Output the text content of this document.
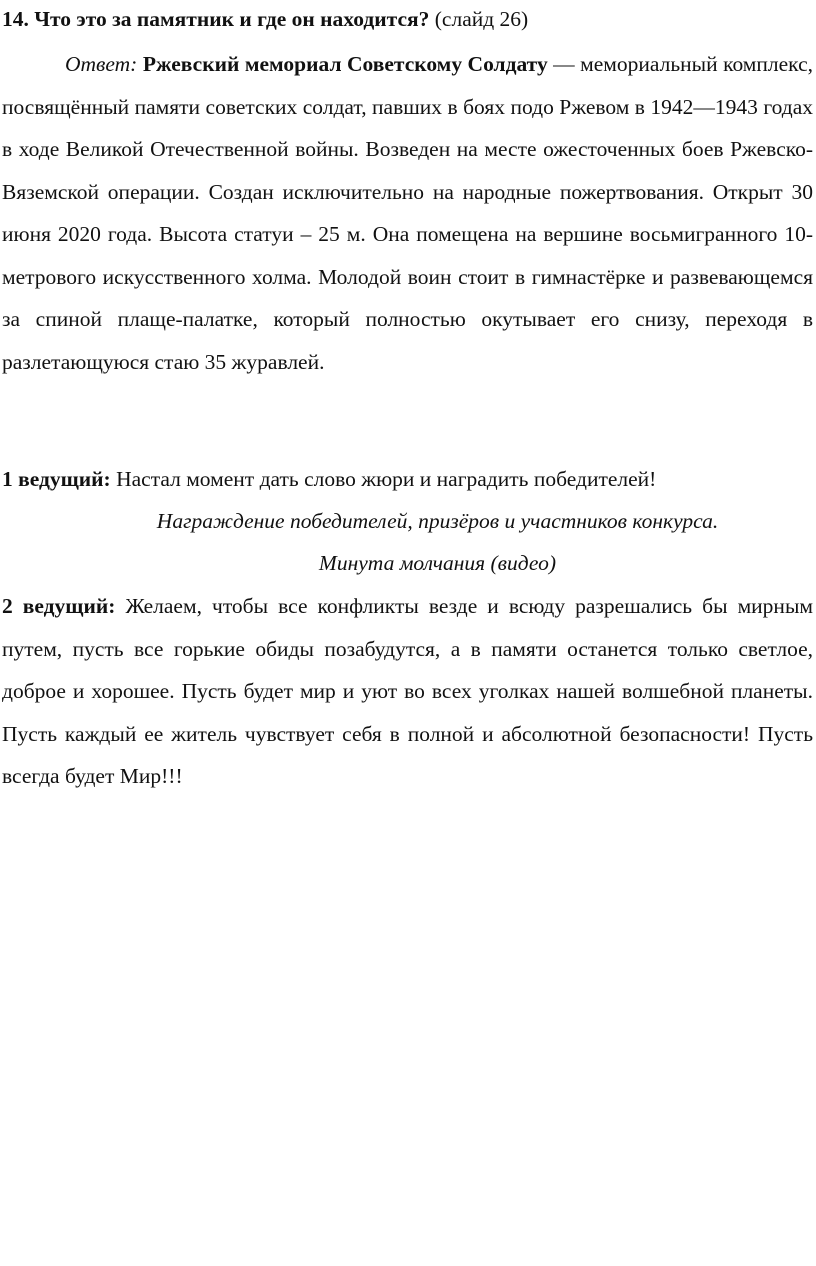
14. Что это за памятник и где он находится? (слайд 26)

Ответ: Ржевский мемориал Советскому Солдату — мемориальный комплекс, посвящённый памяти советских солдат, павших в боях подо Ржевом в 1942—1943 годах в ходе Великой Отечественной войны. Возведен на месте ожесточенных боев Ржевско-Вяземской операции. Создан исключительно на народные пожертвования. Открыт 30 июня 2020 года. Высота статуи – 25 м. Она помещена на вершине восьмигранного 10-метрового искусственного холма. Молодой воин стоит в гимнастёрке и развевающемся за спиной плаще-палатке, который полностью окутывает его снизу, переходя в разлетающуюся стаю 35 журавлей.

1 ведущий: Настал момент дать слово жюри и наградить победителей!

Награждение победителей, призёров и участников конкурса.

Минута молчания (видео)

2 ведущий: Желаем, чтобы все конфликты везде и всюду разрешались бы мирным путем, пусть все горькие обиды позабудутся, а в памяти останется только светлое, доброе и хорошее. Пусть будет мир и уют во всех уголках нашей волшебной планеты. Пусть каждый ее житель чувствует себя в полной и абсолютной безопасности! Пусть всегда будет Мир!!!
